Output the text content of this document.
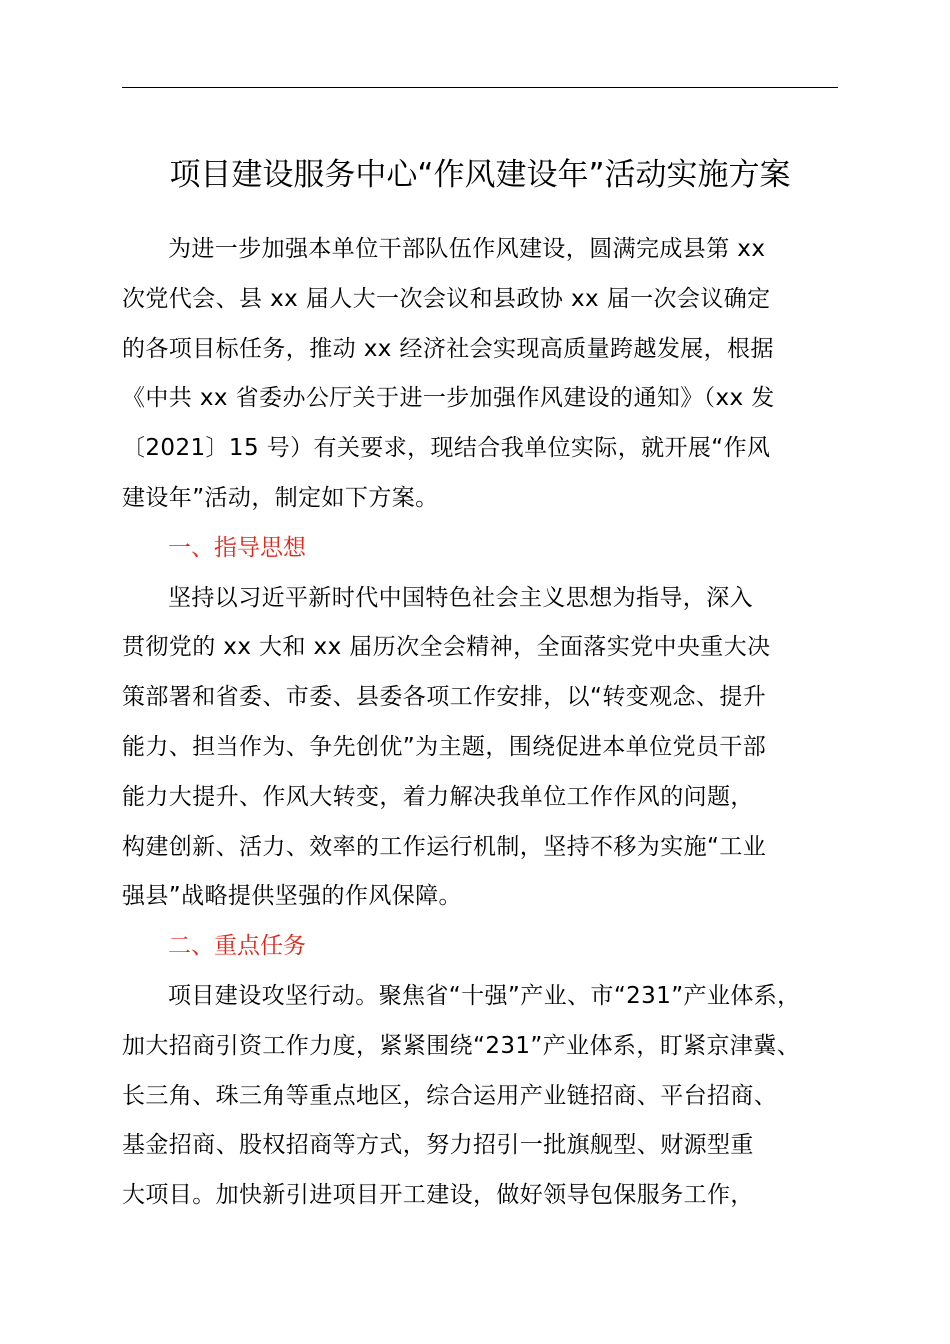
项目建设服务中心“作风建设年”活动实施方案

为进一步加强本单位干部队伍作风建设，圆满完成县第 xx
次党代会、县 xx 届人大一次会议和县政协 xx 届一次会议确定
的各项目标任务，推动 xx 经济社会实现高质量跨越发展，根据
《中共 xx 省委办公厅关于进一步加强作风建设的通知》（xx 发
〔2021〕15 号）有关要求，现结合我单位实际，就开展“作风
建设年”活动，制定如下方案。

一、指导思想

坚持以习近平新时代中国特色社会主义思想为指导，深入
贯彻党的 xx 大和 xx 届历次全会精神，全面落实党中央重大决
策部署和省委、市委、县委各项工作安排，以“转变观念、提升
能力、担当作为、争先创优”为主题，围绕促进本单位党员干部
能力大提升、作风大转变，着力解决我单位工作作风的问题，
构建创新、活力、效率的工作运行机制，坚持不移为实施“工业
强县”战略提供坚强的作风保障。

二、重点任务

项目建设攻坚行动。聚焦省“十强”产业、市“231”产业体系，
加大招商引资工作力度，紧紧围绕“231”产业体系，盯紧京津冀、
长三角、珠三角等重点地区，综合运用产业链招商、平台招商、
基金招商、股权招商等方式，努力招引一批旗舰型、财源型重
大项目。加快新引进项目开工建设，做好领导包保服务工作，
